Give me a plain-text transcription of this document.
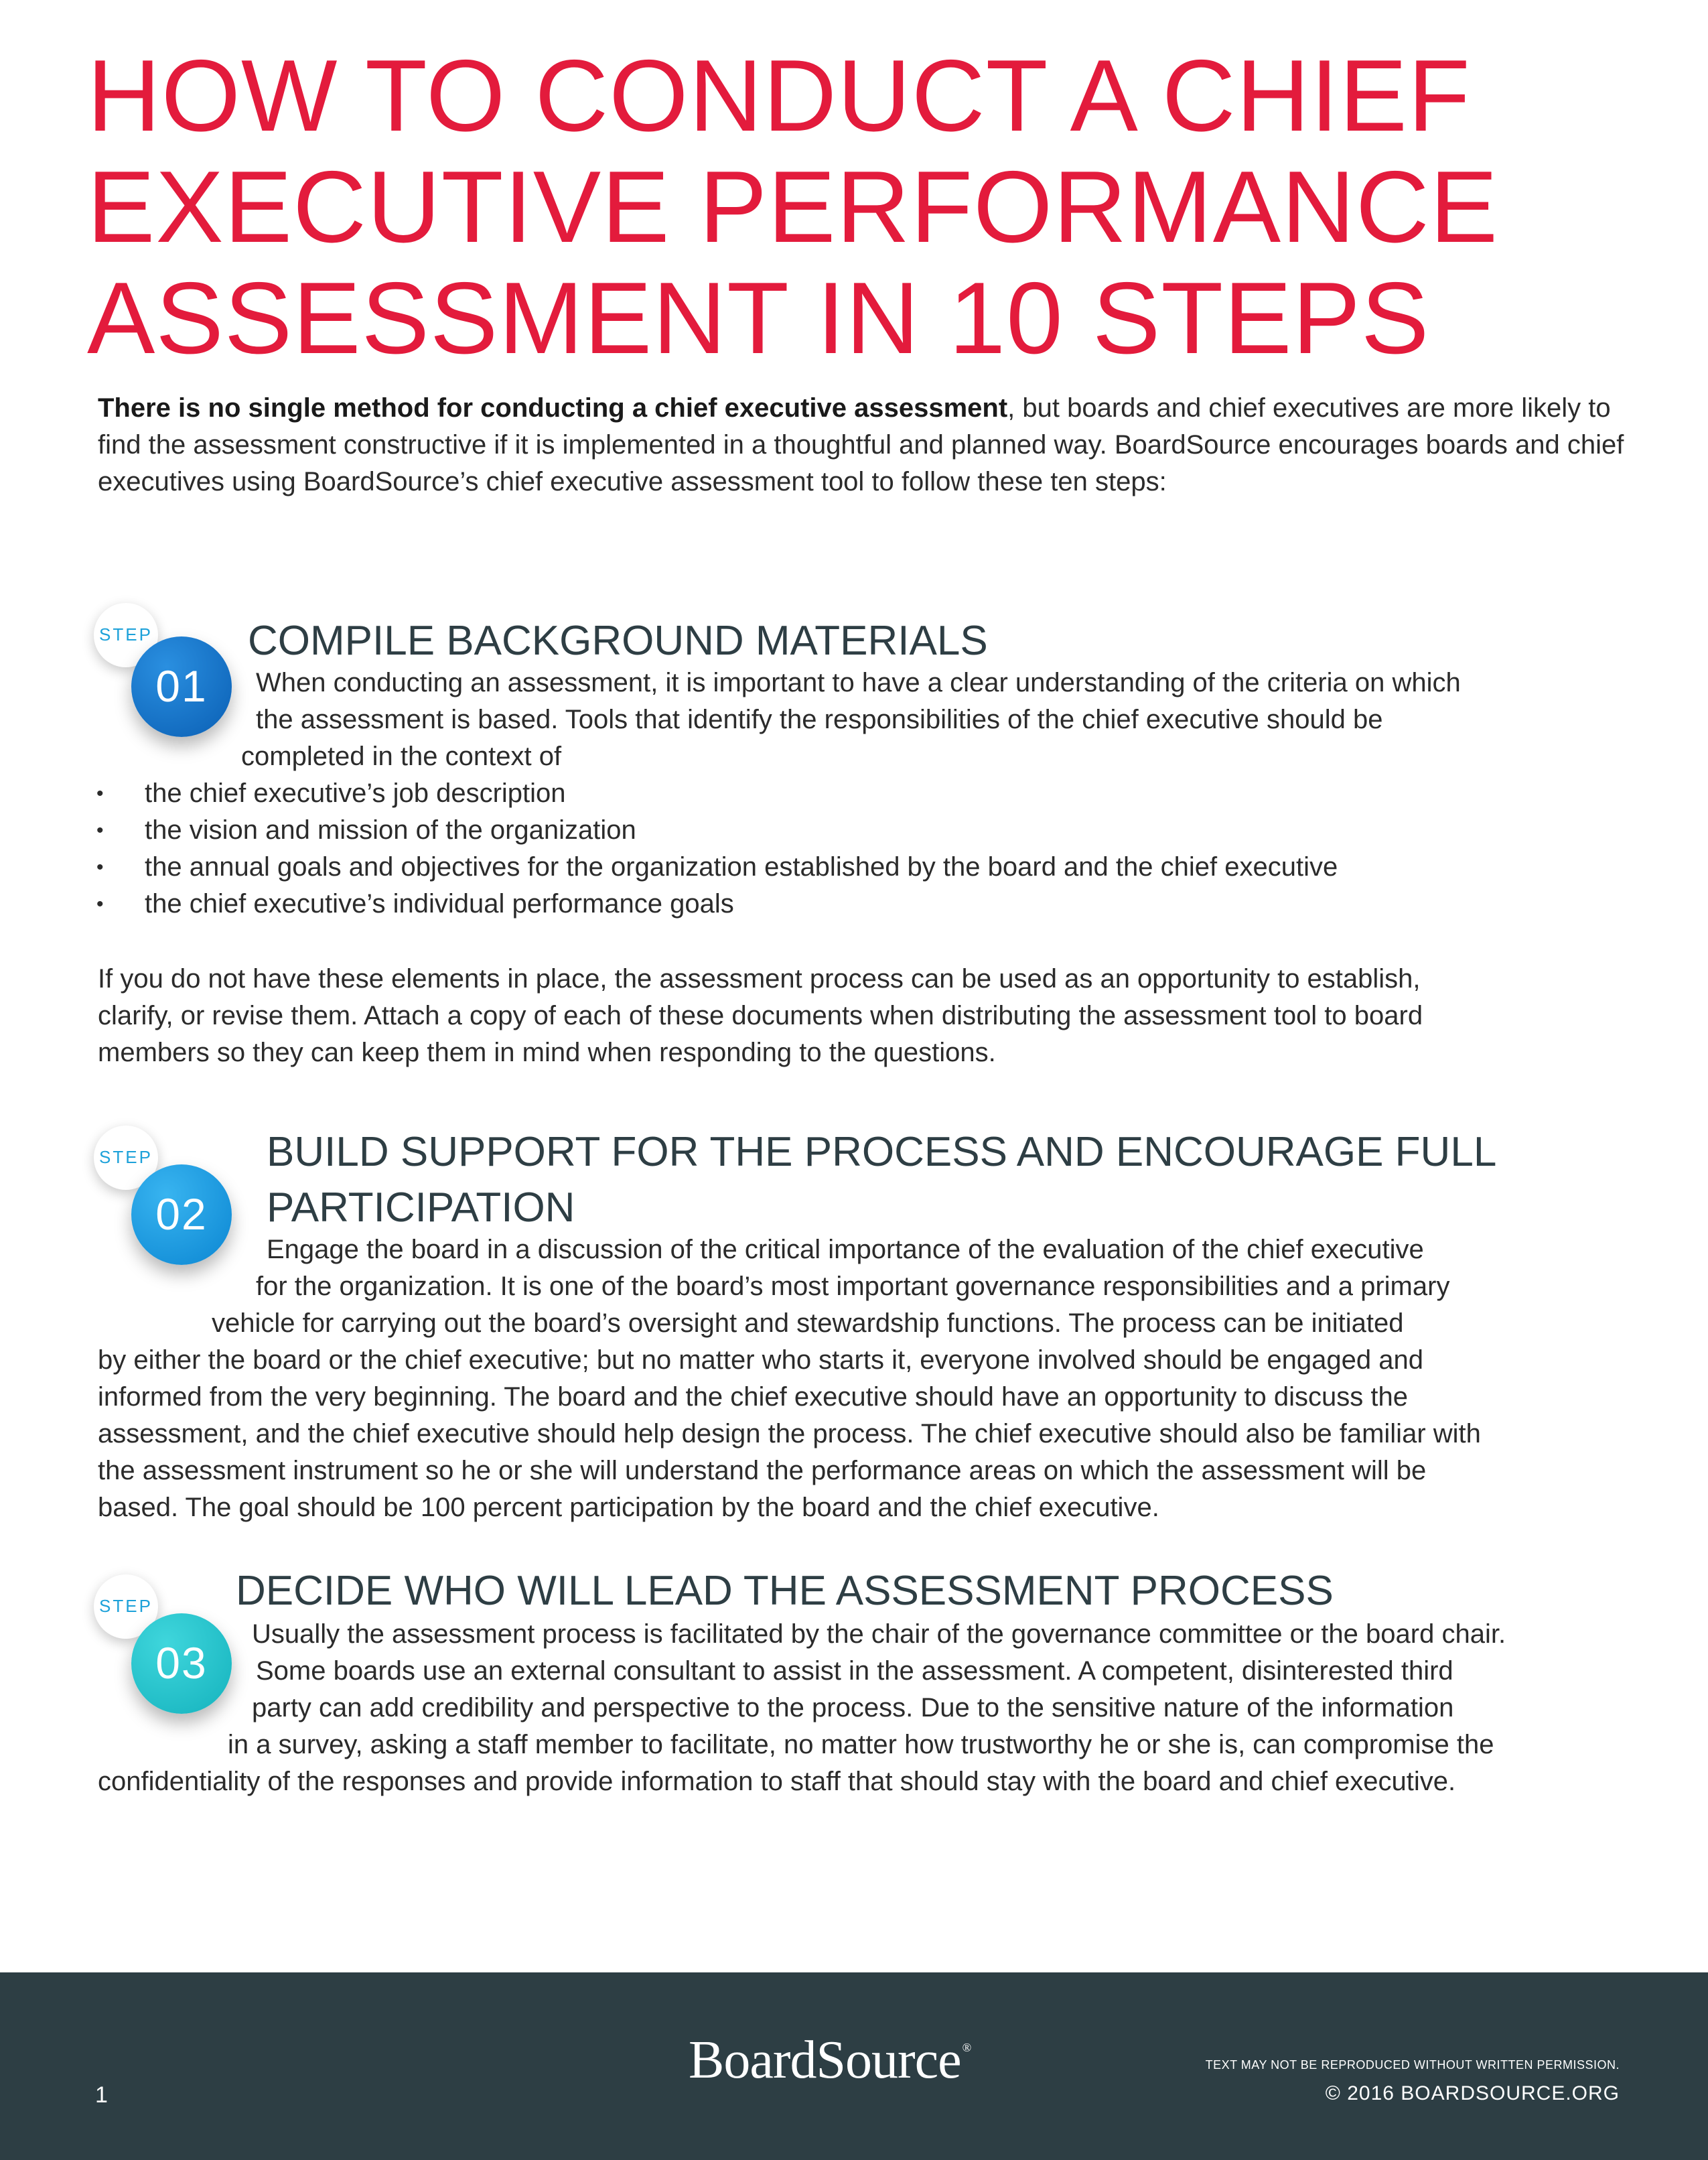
HOW TO CONDUCT A CHIEF
EXECUTIVE PERFORMANCE
ASSESSMENT IN 10 STEPS

There is no single method for conducting a chief executive assessment, but boards and chief executives are more likely to find the assessment constructive if it is implemented in a thoughtful and planned way. BoardSource encourages boards and chief executives using BoardSource’s chief executive assessment tool to follow these ten steps:

STEP
01
COMPILE BACKGROUND MATERIALS

When conducting an assessment, it is important to have a clear understanding of the criteria on which

the assessment is based. Tools that identify the responsibilities of the chief executive should be

completed in the context of

• the chief executive’s job description

• the vision and mission of the organization

• the annual goals and objectives for the organization established by the board and the chief executive

• the chief executive’s individual performance goals

If you do not have these elements in place, the assessment process can be used as an opportunity to establish,

clarify, or revise them. Attach a copy of each of these documents when distributing the assessment tool to board

members so they can keep them in mind when responding to the questions.

STEP
02
BUILD SUPPORT FOR THE PROCESS AND ENCOURAGE FULL
PARTICIPATION

Engage the board in a discussion of the critical importance of the evaluation of the chief executive

for the organization. It is one of the board’s most important governance responsibilities and a primary

vehicle for carrying out the board’s oversight and stewardship functions. The process can be initiated

by either the board or the chief executive; but no matter who starts it, everyone involved should be engaged and

informed from the very beginning. The board and the chief executive should have an opportunity to discuss the

assessment, and the chief executive should help design the process. The chief executive should also be familiar with

the assessment instrument so he or she will understand the performance areas on which the assessment will be

based. The goal should be 100 percent participation by the board and the chief executive.

STEP
03
DECIDE WHO WILL LEAD THE ASSESSMENT PROCESS

Usually the assessment process is facilitated by the chair of the governance committee or the board chair.

Some boards use an external consultant to assist in the assessment. A competent, disinterested third

party can add credibility and perspective to the process. Due to the sensitive nature of the information

in a survey, asking a staff member to facilitate, no matter how trustworthy he or she is, can compromise the

confidentiality of the responses and provide information to staff that should stay with the board and chief executive.

BoardSource ®
1
TEXT MAY NOT BE REPRODUCED WITHOUT WRITTEN PERMISSION.
© 2016 BOARDSOURCE.ORG
